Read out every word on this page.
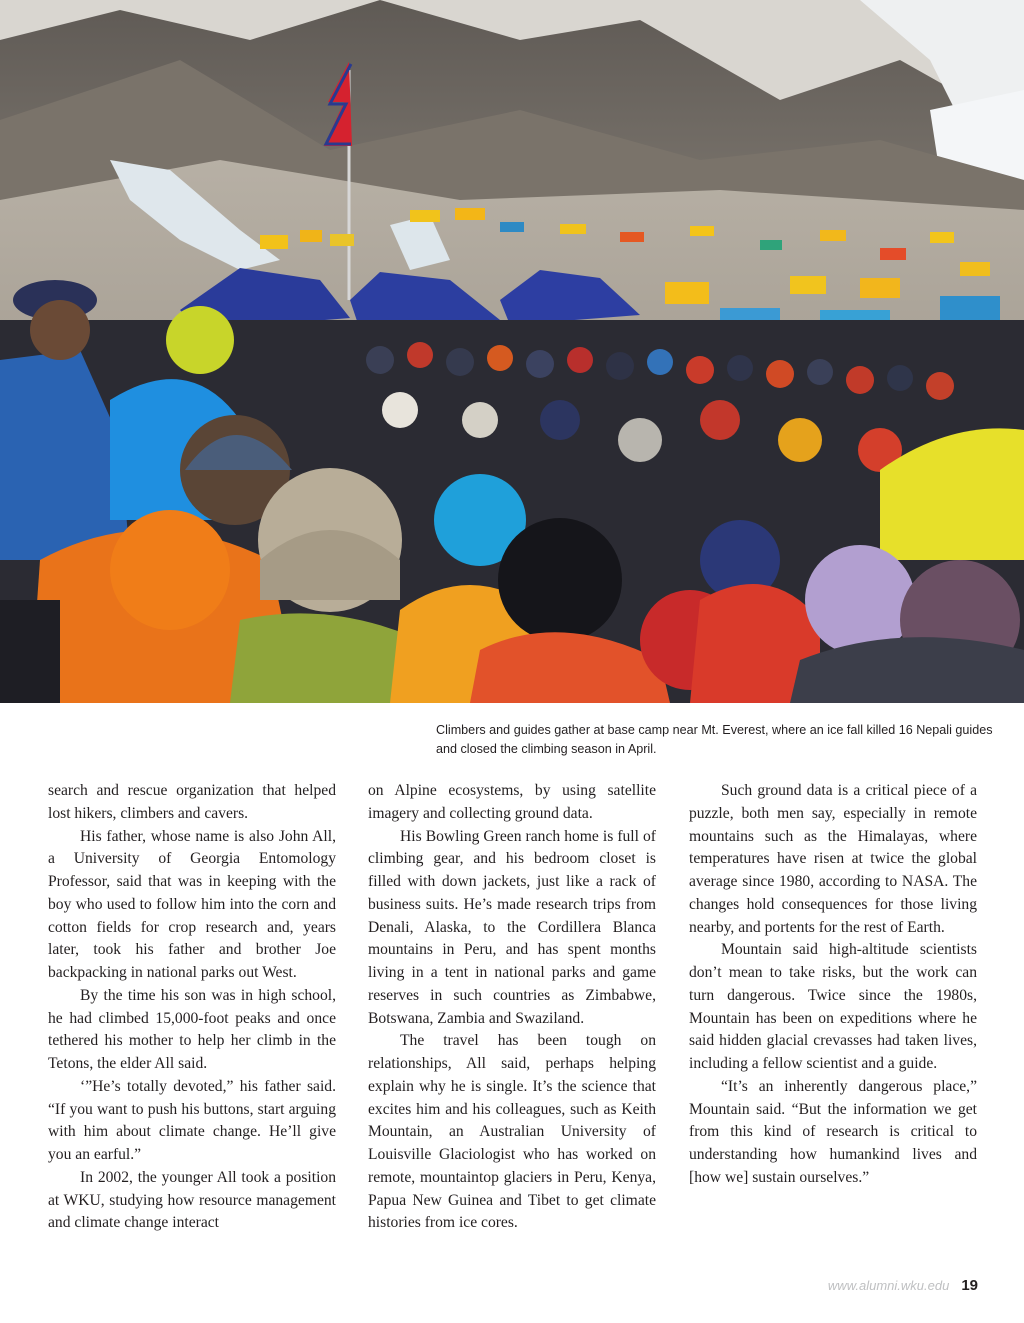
Climbers and guides gather at base camp near Mt. Everest, where an ice fall killed 16 Nepali guides and closed the climbing season in April.

search and rescue organization that helped lost hikers, climbers and cavers.

His father, whose name is also John All, a University of Georgia Entomology Professor, said that was in keeping with the boy who used to follow him into the corn and cotton fields for crop research and, years later, took his father and brother Joe backpacking in national parks out West.

By the time his son was in high school, he had climbed 15,000-foot peaks and once tethered his mother to help her climb in the Tetons, the elder All said.

‘”He’s totally devoted,” his father said. “If you want to push his buttons, start arguing with him about climate change. He’ll give you an earful.”

In 2002, the younger All took a position at WKU, studying how resource management and climate change interact

on Alpine ecosystems, by using satellite imagery and collecting ground data.

His Bowling Green ranch home is full of climbing gear, and his bedroom closet is filled with down jackets, just like a rack of business suits. He’s made research trips from Denali, Alaska, to the Cordillera Blanca mountains in Peru, and has spent months living in a tent in national parks and game reserves in such countries as Zimbabwe, Botswana, Zambia and Swaziland.

The travel has been tough on relationships, All said, perhaps helping explain why he is single. It’s the science that excites him and his colleagues, such as Keith Mountain, an Australian University of Louisville Glaciologist who has worked on remote, mountaintop glaciers in Peru, Kenya, Papua New Guinea and Tibet to get climate histories from ice cores.

Such ground data is a critical piece of a puzzle, both men say, especially in remote mountains such as the Himalayas, where temperatures have risen at twice the global average since 1980, according to NASA. The changes hold consequences for those living nearby, and portents for the rest of Earth.

Mountain said high-altitude scientists don’t mean to take risks, but the work can turn dangerous. Twice since the 1980s, Mountain has been on expeditions where he said hidden glacial crevasses had taken lives, including a fellow scientist and a guide.

“It’s an inherently dangerous place,” Mountain said. “But the information we get from this kind of research is critical to understanding how humankind lives and [how we] sustain ourselves.”

www.alumni.wku.edu 19
